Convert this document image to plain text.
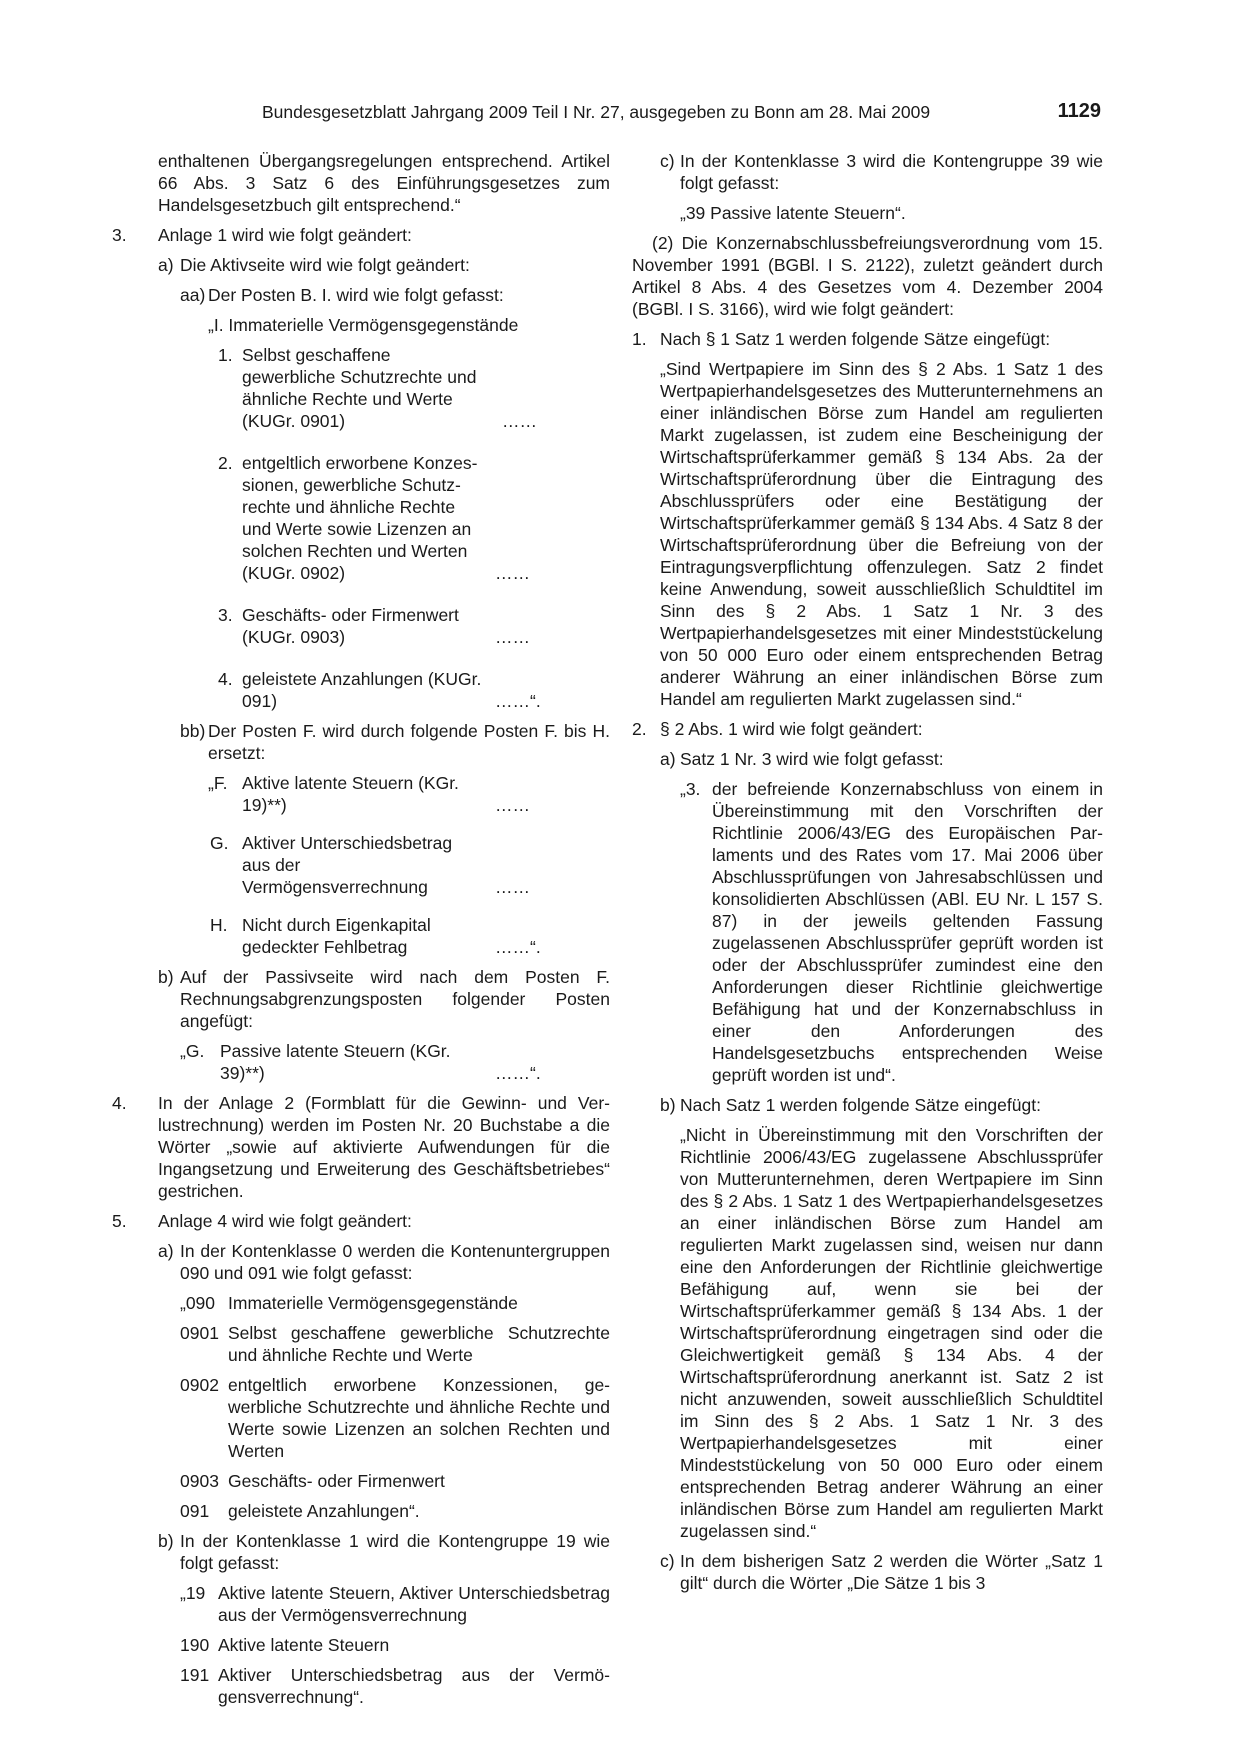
Bundesgesetzblatt Jahrgang 2009 Teil I Nr. 27, ausgegeben zu Bonn am 28. Mai 2009	1129

enthaltenen Übergangsregelungen entsprechend. Artikel 66 Abs. 3 Satz 6 des Einführungsgesetzes zum Handelsgesetzbuch gilt entsprechend.“

3. Anlage 1 wird wie folgt geändert:

a) Die Aktivseite wird wie folgt geändert:

aa) Der Posten B. I. wird wie folgt gefasst:

„I. Immaterielle Vermögensgegenstände

1. Selbst geschaffene gewerbliche Schutzrechte und ähnliche Rechte und Werte (KUGr. 0901)	……
2. entgeltlich erworbene Konzessionen, gewerbliche Schutzrechte und ähnliche Rechte und Werte sowie Lizenzen an solchen Rechten und Werten (KUGr. 0902)	……
3. Geschäfts- oder Firmenwert (KUGr. 0903)	……
4. geleistete Anzahlungen (KUGr. 091)	……“.
bb) Der Posten F. wird durch folgende Posten F. bis H. ersetzt:

„F. Aktive latente Steuern (KGr. 19)**)	……
G. Aktiver Unterschiedsbetrag aus der Vermögensverrechnung	……
H. Nicht durch Eigenkapital gedeckter Fehlbetrag	……“.
b) Auf der Passivseite wird nach dem Posten F. Rechnungsabgrenzungsposten folgender Posten angefügt:

„G. Passive latente Steuern (KGr. 39)**)	……“.
4. In der Anlage 2 (Formblatt für die Gewinn- und Verlustrechnung) werden im Posten Nr. 20 Buchstabe a die Wörter „sowie auf aktivierte Aufwendungen für die Ingangsetzung und Erweiterung des Geschäftsbetriebes“ gestrichen.

5. Anlage 4 wird wie folgt geändert:

a) In der Kontenklasse 0 werden die Kontenuntergruppen 090 und 091 wie folgt gefasst:

„090 Immaterielle Vermögensgegenstände

0901 Selbst geschaffene gewerbliche Schutzrechte und ähnliche Rechte und Werte

0902 entgeltlich erworbene Konzessionen, gewerbliche Schutzrechte und ähnliche Rechte und Werte sowie Lizenzen an solchen Rechten und Werten

0903 Geschäfts- oder Firmenwert

091 geleistete Anzahlungen“.

b) In der Kontenklasse 1 wird die Kontengruppe 19 wie folgt gefasst:

„19 Aktive latente Steuern, Aktiver Unterschiedsbetrag aus der Vermögensverrechnung

190 Aktive latente Steuern

191 Aktiver Unterschiedsbetrag aus der Vermögensverrechnung“.

c) In der Kontenklasse 3 wird die Kontengruppe 39 wie folgt gefasst:

„39 Passive latente Steuern“.

(2) Die Konzernabschlussbefreiungsverordnung vom 15. November 1991 (BGBl. I S. 2122), zuletzt geändert durch Artikel 8 Abs. 4 des Gesetzes vom 4. Dezember 2004 (BGBl. I S. 3166), wird wie folgt geändert:

1. Nach § 1 Satz 1 werden folgende Sätze eingefügt:

„Sind Wertpapiere im Sinn des § 2 Abs. 1 Satz 1 des Wertpapierhandelsgesetzes des Mutterunternehmens an einer inländischen Börse zum Handel am regulierten Markt zugelassen, ist zudem eine Bescheinigung der Wirtschaftsprüferkammer gemäß § 134 Abs. 2a der Wirtschaftsprüferordnung über die Eintragung des Abschlussprüfers oder eine Bestätigung der Wirtschaftsprüferkammer gemäß § 134 Abs. 4 Satz 8 der Wirtschaftsprüferordnung über die Befreiung von der Eintragungsverpflichtung offenzulegen. Satz 2 findet keine Anwendung, soweit ausschließlich Schuldtitel im Sinn des § 2 Abs. 1 Satz 1 Nr. 3 des Wertpapierhandelsgesetzes mit einer Mindeststückelung von 50 000 Euro oder einem entsprechenden Betrag anderer Währung an einer inländischen Börse zum Handel am regulierten Markt zugelassen sind.“

2. § 2 Abs. 1 wird wie folgt geändert:

a) Satz 1 Nr. 3 wird wie folgt gefasst:

„3. der befreiende Konzernabschluss von einem in Übereinstimmung mit den Vorschriften der Richtlinie 2006/43/EG des Europäischen Parlaments und des Rates vom 17. Mai 2006 über Abschlussprüfungen von Jahresabschlüssen und konsolidierten Abschlüssen (ABl. EU Nr. L 157 S. 87) in der jeweils geltenden Fassung zugelassenen Abschlussprüfer geprüft worden ist oder der Abschlussprüfer zumindest eine den Anforderungen dieser Richtlinie gleichwertige Befähigung hat und der Konzernabschluss in einer den Anforderungen des Handelsgesetzbuchs entsprechenden Weise geprüft worden ist und“.

b) Nach Satz 1 werden folgende Sätze eingefügt:

„Nicht in Übereinstimmung mit den Vorschriften der Richtlinie 2006/43/EG zugelassene Abschlussprüfer von Mutterunternehmen, deren Wertpapiere im Sinn des § 2 Abs. 1 Satz 1 des Wertpapierhandelsgesetzes an einer inländischen Börse zum Handel am regulierten Markt zugelassen sind, weisen nur dann eine den Anforderungen der Richtlinie gleichwertige Befähigung auf, wenn sie bei der Wirtschaftsprüferkammer gemäß § 134 Abs. 1 der Wirtschaftsprüferordnung eingetragen sind oder die Gleichwertigkeit gemäß § 134 Abs. 4 der Wirtschaftsprüferordnung anerkannt ist. Satz 2 ist nicht anzuwenden, soweit ausschließlich Schuldtitel im Sinn des § 2 Abs. 1 Satz 1 Nr. 3 des Wertpapierhandelsgesetzes mit einer Mindeststückelung von 50 000 Euro oder einem entsprechenden Betrag anderer Währung an einer inländischen Börse zum Handel am regulierten Markt zugelassen sind.“

c) In dem bisherigen Satz 2 werden die Wörter „Satz 1 gilt“ durch die Wörter „Die Sätze 1 bis 3
